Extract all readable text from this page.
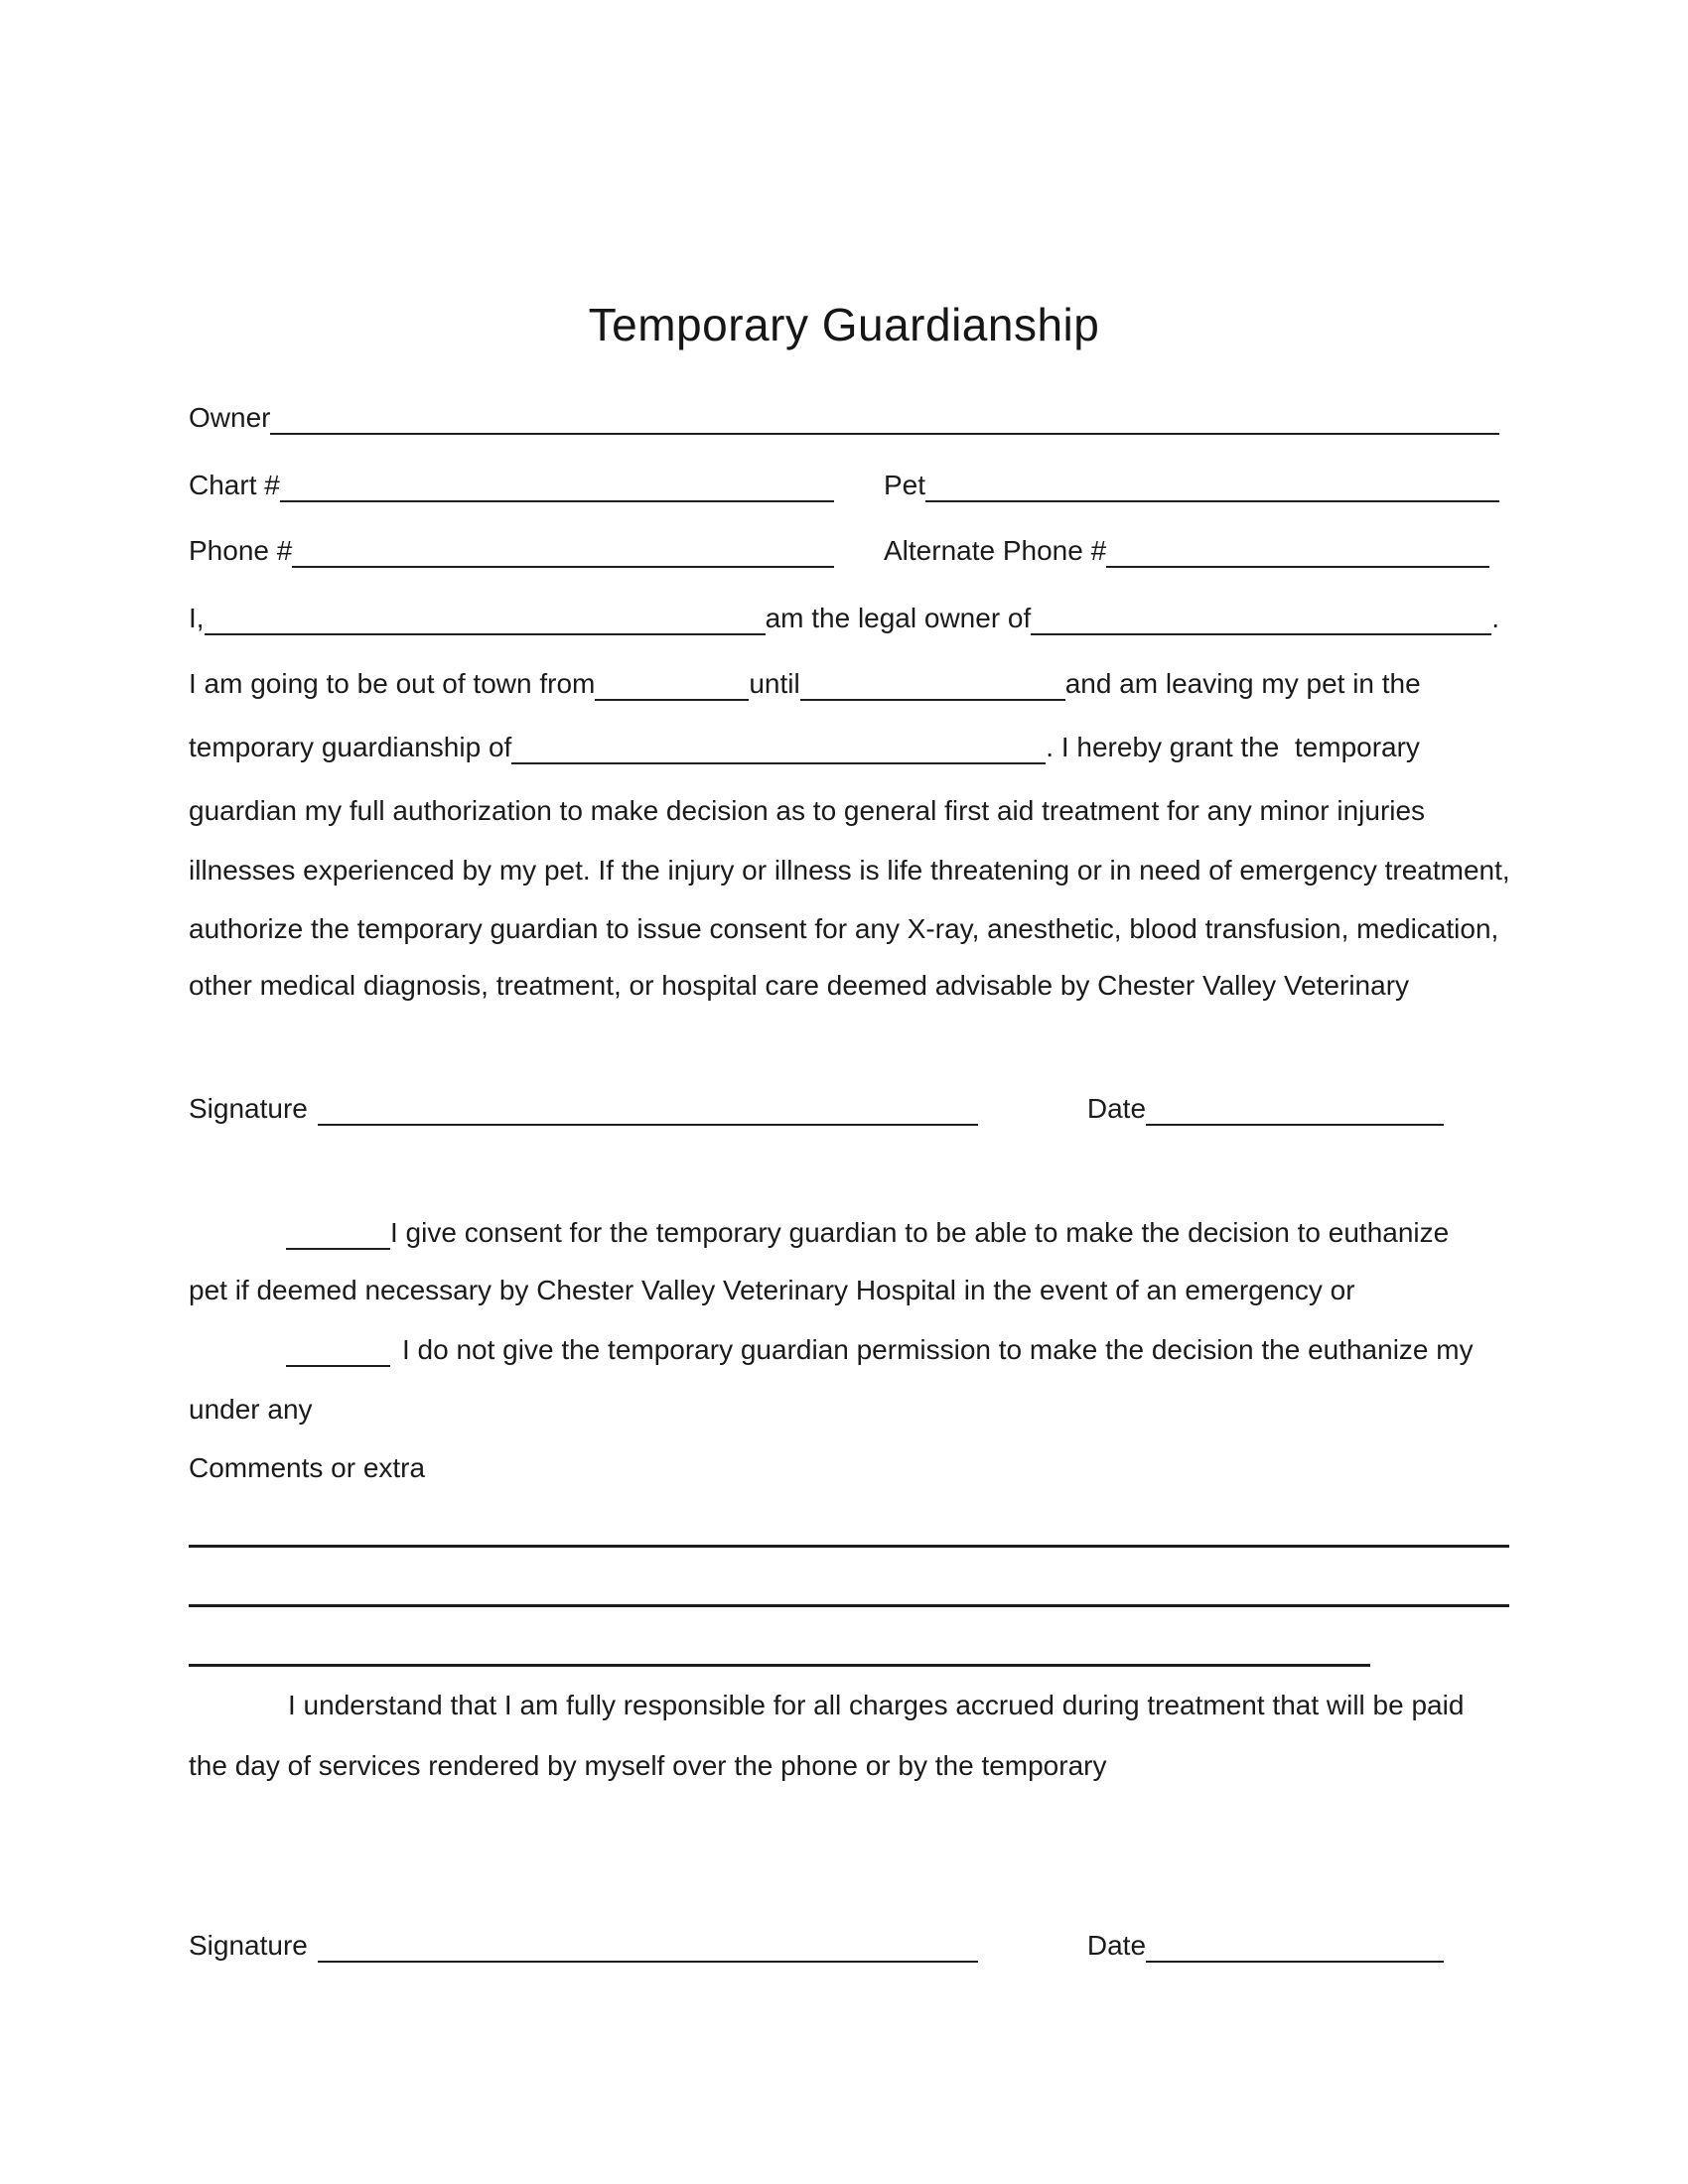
Temporary Guardianship
Owner
Chart #	Pet
Phone #	Alternate Phone #
I,	am the legal owner of	.
I am going to be out of town from	until	and am leaving my pet in the
temporary guardianship of	. I hereby grant the  temporary
guardian my full authorization to make decision as to general first aid treatment for any minor injuries
illnesses experienced by my pet. If the injury or illness is life threatening or in need of emergency treatment,
authorize the temporary guardian to issue consent for any X-ray, anesthetic, blood transfusion, medication,
other medical diagnosis, treatment, or hospital care deemed advisable by Chester Valley Veterinary
Signature	Date
I give consent for the temporary guardian to be able to make the decision to euthanize
pet if deemed necessary by Chester Valley Veterinary Hospital in the event of an emergency or
I do not give the temporary guardian permission to make the decision the euthanize my
under any
Comments or extra
I understand that I am fully responsible for all charges accrued during treatment that will be paid
the day of services rendered by myself over the phone or by the temporary
Signature	Date
